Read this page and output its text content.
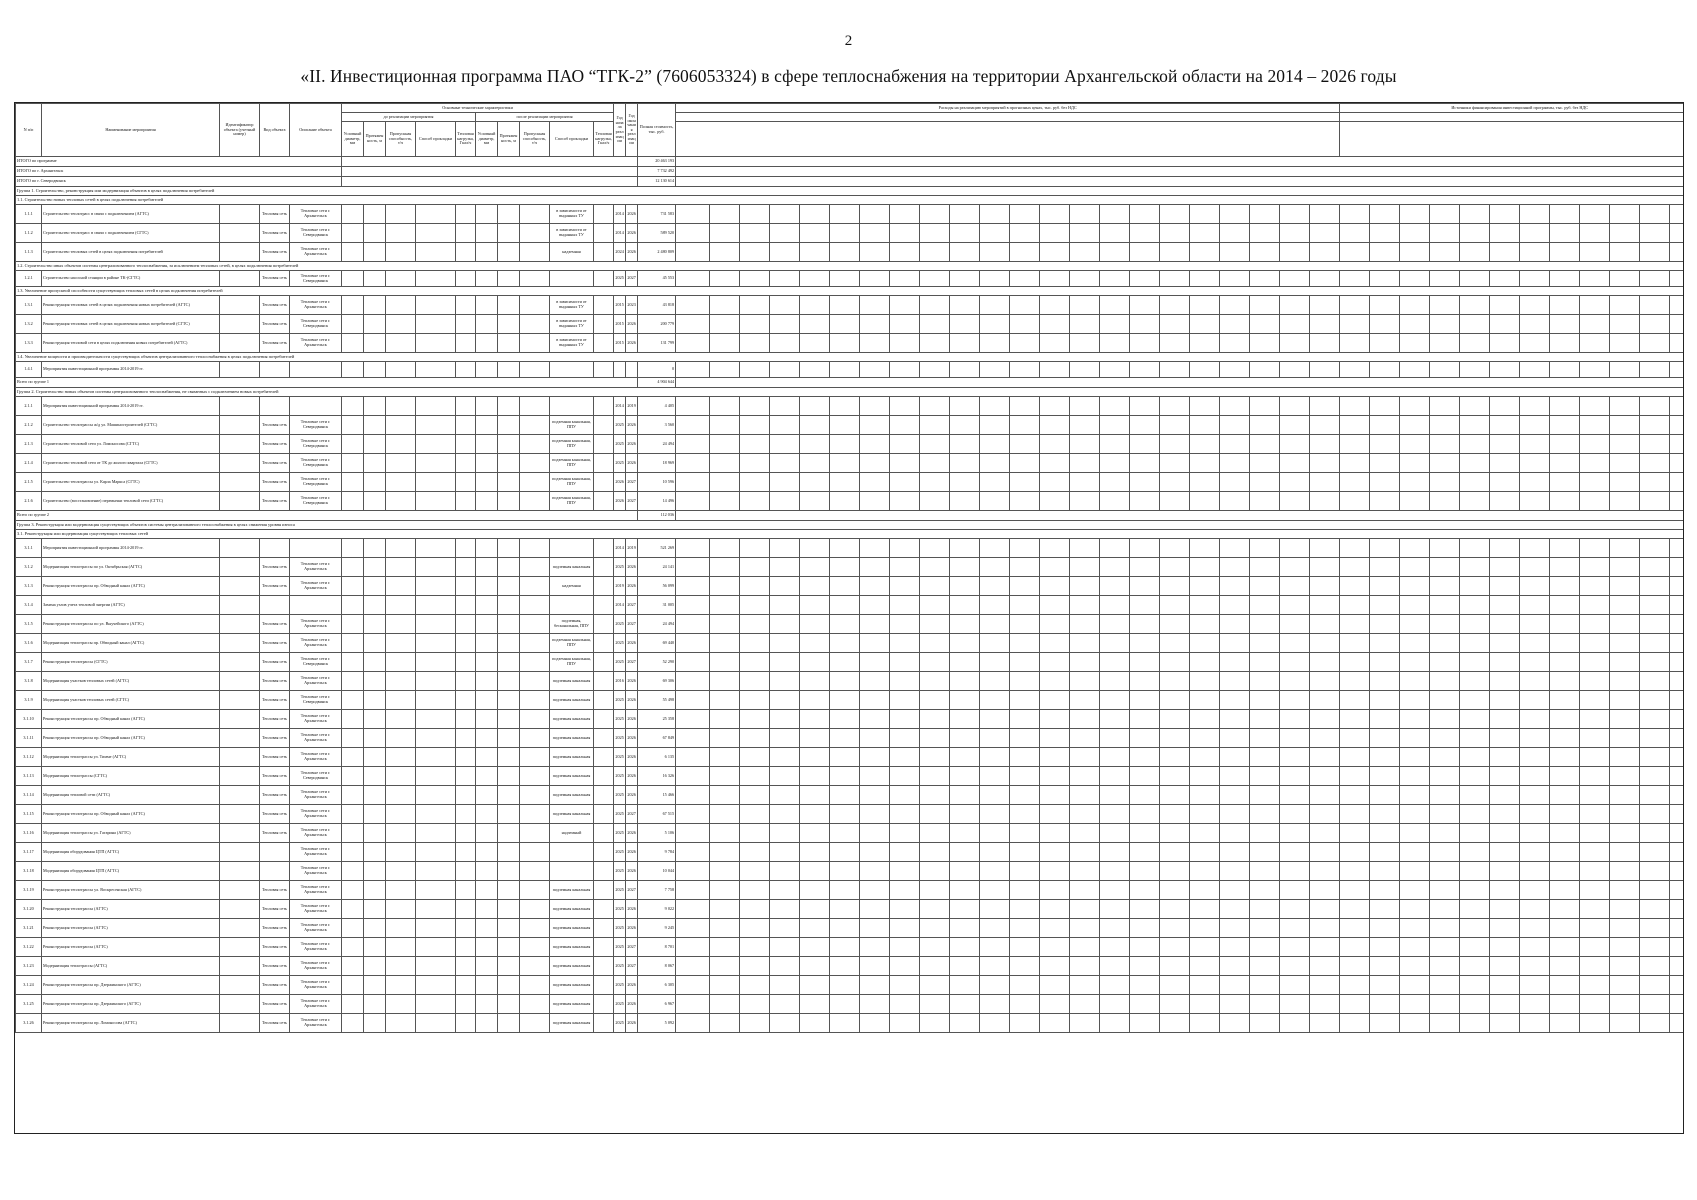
2
«II. Инвестиционная программа ПАО “ТГК-2” (7606053324) в сфере теплоснабжения на территории Архангельской области на 2014 – 2026 годы
N п/п	Наименование мероприятия	Идентификатор объекта (учетный номер)	Вид объекта	Описание объекта	Основные технические характеристики										Год начала реализации	Год окончания реализации	Полная стоимость, тыс. руб.	Расходы на реализацию мероприятий в прогнозных ценах, тыс. руб. без НДС																						Источники финансирования инвестиционной программы, тыс. руб. без НДС											
					до реализации мероприятия					после реализации мероприятия																																									
					Условный диаметр, мм	Протяженность, м	Пропускная способность, т/ч	Способ прокладки	Тепловая нагрузка, Гкал/ч	Условный диаметр, мм	Протяженность, м	Пропускная способность, т/ч	Способ прокладки	Тепловая нагрузка, Гкал/ч																																					
ИТОГО по программе																	20 463 193																																		
ИТОГО по г. Архангельск																	7 732 492																																		
ИТОГО по г. Северодвинск																	12 130 614																																		
Группа 1. Строительство, реконструкция или модернизация объектов в целях подключения потребителей																																																			
1.1. Строительство новых тепловых сетей в целях подключения потребителей																																																			
1.1.1	Строительство теплотрасс в связи с подключением (АГТС)		Тепловая сеть	Тепловые сети г. Архангельск									в зависимости от выданных ТУ		2014	2026	731 583																																		
1.1.2	Строительство теплотрасс в связи с подключением (СГТС)		Тепловая сеть	Тепловые сети г. Северодвинск									в зависимости от выданных ТУ		2014	2026	589 520																																		
1.1.3	Строительство тепловых сетей в целях подключения потребителей		Тепловая сеть	Тепловые сети г. Архангельск									надземная		2024	2026	2 480 809																																		
1.2. Строительство иных объектов системы централизованного теплоснабжения, за исключением тепловых сетей, в целях подключения потребителей																																																			
1.2.1	Строительство насосной станции в районе ТК-(СГТС)		Тепловая сеть	Тепловые сети г. Северодвинск											2025	2027	45 553																																		
1.3. Увеличение пропускной способности существующих тепловых сетей в целях подключения потребителей																																																			
1.3.1	Реконструкция тепловых сетей в целях подключения новых потребителей (АГТС)		Тепловая сеть	Тепловые сети г. Архангельск									в зависимости от выданных ТУ		2015	2023	43 818																																		
1.3.2	Реконструкция тепловых сетей в целях подключения новых потребителей (СГТС)		Тепловая сеть	Тепловые сети г. Северодвинск									в зависимости от выданных ТУ		2015	2026	200 779																																		
1.3.3	Реконструкция тепловой сети в целях подключения новых потребителей (АГТС)		Тепловая сеть	Тепловые сети г. Архангельск									в зависимости от выданных ТУ		2015	2026	131 799																																		
1.4. Увеличение мощности и производительности существующих объектов централизованного теплоснабжения в целях подключения потребителей																																																			
1.4.1	Мероприятия инвестиционной программы 2014-2019 гг.																0																																		
Всего по группе 1																	4 904 644																																		
Группа 2. Строительство новых объектов системы централизованного теплоснабжения, не связанных с подключением новых потребителей																																																			
2.1.1	Мероприятия инвестиционной программы 2014-2019 гг.														2014	2019	4 405																																		
2.1.2	Строительство теплотрассы ж/д ул. Машиностроителей (СГТС)		Тепловая сеть	Тепловые сети г. Северодвинск									подземная канальная, ППУ		2025	2026	3 560																																		
2.1.3	Строительство тепловой сети ул. Ломоносова (СГТС)		Тепловая сеть	Тепловые сети г. Северодвинск									подземная канальная, ППУ		2025	2026	24 494																																		
2.1.4	Строительство тепловой сети от ТК до жилого квартала (СГТС)		Тепловая сеть	Тепловые сети г. Северодвинск									подземная канальная, ППУ		2025	2026	18 969																																		
2.1.5	Строительство теплотрассы ул. Карла Маркса (СГТС)		Тепловая сеть	Тепловые сети г. Северодвинск									подземная канальная, ППУ		2026	2027	10 596																																		
2.1.6	Строительство (восстановление) перемычки тепловой сети (СГТС)		Тепловая сеть	Тепловые сети г. Северодвинск									подземная канальная, ППУ		2026	2027	14 496																																		
Всего по группе 2																	112 036																																		
Группа 3. Реконструкция или модернизация существующих объектов системы централизованного теплоснабжения в целях снижения уровня износа																																																			
3.1. Реконструкция или модернизация существующих тепловых сетей																																																			
3.1.1	Мероприятия инвестиционной программы 2014-2019 гг.														2014	2019	521 269																																		
3.1.2	Модернизация теплотрассы по ул. Октябрьская (АГТС)		Тепловая сеть	Тепловые сети г. Архангельск									подземная канальная		2025	2026	24 141																																		
3.1.3	Реконструкция теплотрассы пр. Обводный канал (АГТС)		Тепловая сеть	Тепловые сети г. Архангельск									надземная		2019	2026	56 099																																		
3.1.4	Замена узлов учета тепловой энергии (АГТС)														2014	2027	31 005																																		
3.1.5	Реконструкция теплотрассы по ул. Выучейского (АГТС)		Тепловая сеть	Тепловые сети г. Архангельск									подземная, бесканальная, ППУ		2025	2027	24 494																																		
3.1.6	Модернизация теплотрассы пр. Обводный канал (АГТС)		Тепловая сеть	Тепловые сети г. Архангельск									подземная канальная, ППУ		2025	2026	69 440																																		
3.1.7	Реконструкция теплотрассы (СГТС)		Тепловая сеть	Тепловые сети г. Северодвинск									подземная канальная, ППУ		2025	2027	52 290																																		
3.1.8	Модернизация участков тепловых сетей (АГТС)		Тепловая сеть	Тепловые сети г. Архангельск									подземная канальная		2016	2026	69 306																																		
3.1.9	Модернизация участков тепловых сетей (СГТС)		Тепловая сеть	Тепловые сети г. Северодвинск									подземная канальная		2025	2026	55 498																																		
3.1.10	Реконструкция теплотрассы пр. Обводный канал (АГТС)		Тепловая сеть	Тепловые сети г. Архангельск									подземная канальная		2025	2026	25 358																																		
3.1.11	Реконструкция теплотрассы пр. Обводный канал (АГТС)		Тепловая сеть	Тепловые сети г. Архангельск									подземная канальная		2025	2026	67 849																																		
3.1.12	Модернизация теплотрассы ул. Тимме (АГТС)		Тепловая сеть	Тепловые сети г. Архангельск									подземная канальная		2025	2026	6 135																																		
3.1.13	Модернизация теплотрассы (СГТС)		Тепловая сеть	Тепловые сети г. Северодвинск									подземная канальная		2025	2026	16 326																																		
3.1.14	Модернизация тепловой сети (АГТС)		Тепловая сеть	Тепловые сети г. Архангельск									подземная канальная		2025	2026	15 466																																		
3.1.15	Реконструкция теплотрассы пр. Обводный канал (АГТС)		Тепловая сеть	Тепловые сети г. Архангельск									подземная канальная		2025	2027	67 515																																		
3.1.16	Модернизация теплотрассы ул. Гагарина (АГТС)		Тепловая сеть	Тепловые сети г. Архангельск									надземный		2025	2026	5 106																																		
3.1.17	Модернизация оборудования ЦТП (АГТС)			Тепловые сети г. Архангельск											2025	2026	9 784																																		
3.1.18	Модернизация оборудования ЦТП (АГТС)			Тепловые сети г. Архангельск											2025	2026	10 044																																		
3.1.19	Реконструкция теплотрассы ул. Воскресенская (АГТС)		Тепловая сеть	Тепловые сети г. Архангельск									подземная канальная		2025	2027	7 758																																		
3.1.20	Реконструкция теплотрассы (АГТС)		Тепловая сеть	Тепловые сети г. Архангельск									подземная канальная		2025	2026	9 022																																		
3.1.21	Реконструкция теплотрассы (АГТС)		Тепловая сеть	Тепловые сети г. Архангельск									подземная канальная		2025	2026	9 245																																		
3.1.22	Реконструкция теплотрассы (АГТС)		Тепловая сеть	Тепловые сети г. Архангельск									подземная канальная		2025	2027	8 701																																		
3.1.23	Модернизация теплотрассы (АГТС)		Тепловая сеть	Тепловые сети г. Архангельск									подземная канальная		2025	2027	8 067																																		
3.1.24	Реконструкция теплотрассы пр. Дзержинского (АГТС)		Тепловая сеть	Тепловые сети г. Архангельск									подземная канальная		2025	2026	6 305																																		
3.1.25	Реконструкция теплотрассы пр. Дзержинского (АГТС)		Тепловая сеть	Тепловые сети г. Архангельск									подземная канальная		2025	2026	6 967																																		
3.1.26	Реконструкция теплотрассы пр. Ломоносова (АГТС)		Тепловая сеть	Тепловые сети г. Архангельск									подземная канальная		2025	2026	5 092																																		
